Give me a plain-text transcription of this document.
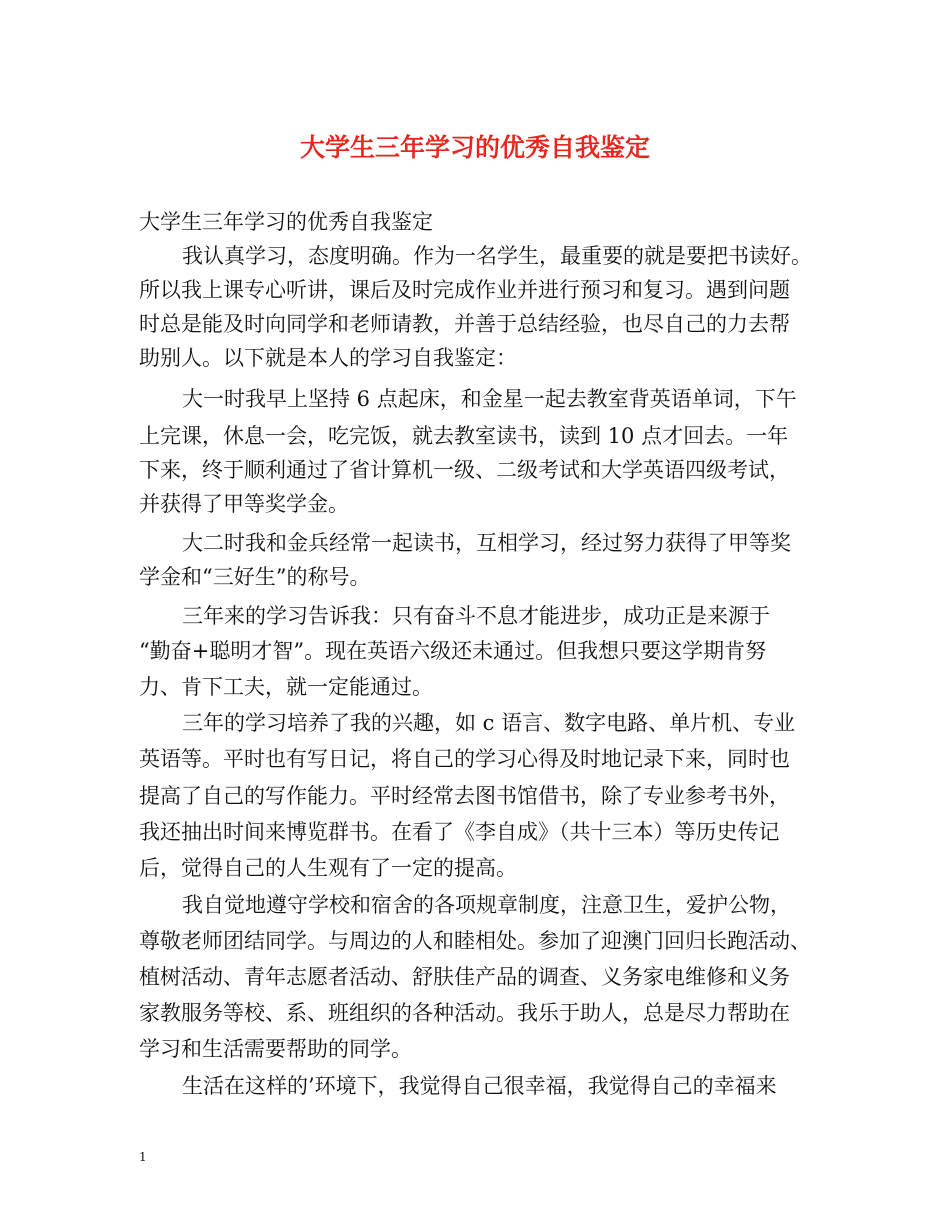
大学生三年学习的优秀自我鉴定
大学生三年学习的优秀自我鉴定
我认真学习，态度明确。作为一名学生，最重要的就是要把书读好。
所以我上课专心听讲，课后及时完成作业并进行预习和复习。遇到问题
时总是能及时向同学和老师请教，并善于总结经验，也尽自己的力去帮
助别人。以下就是本人的学习自我鉴定：
大一时我早上坚持 6 点起床，和金星一起去教室背英语单词，下午
上完课，休息一会，吃完饭，就去教室读书，读到 10 点才回去。一年
下来，终于顺利通过了省计算机一级、二级考试和大学英语四级考试，
并获得了甲等奖学金。
大二时我和金兵经常一起读书，互相学习，经过努力获得了甲等奖
学金和“三好生”的称号。
三年来的学习告诉我：只有奋斗不息才能进步，成功正是来源于
“勤奋+聪明才智”。现在英语六级还未通过。但我想只要这学期肯努
力、肯下工夫，就一定能通过。
三年的学习培养了我的兴趣，如 c 语言、数字电路、单片机、专业
英语等。平时也有写日记，将自己的学习心得及时地记录下来，同时也
提高了自己的写作能力。平时经常去图书馆借书，除了专业参考书外，
我还抽出时间来博览群书。在看了《李自成》（共十三本）等历史传记
后，觉得自己的人生观有了一定的提高。
我自觉地遵守学校和宿舍的各项规章制度，注意卫生，爱护公物，
尊敬老师团结同学。与周边的人和睦相处。参加了迎澳门回归长跑活动、
植树活动、青年志愿者活动、舒肤佳产品的调查、义务家电维修和义务
家教服务等校、系、班组织的各种活动。我乐于助人，总是尽力帮助在
学习和生活需要帮助的同学。
生活在这样的’环境下，我觉得自己很幸福，我觉得自己的幸福来
1
